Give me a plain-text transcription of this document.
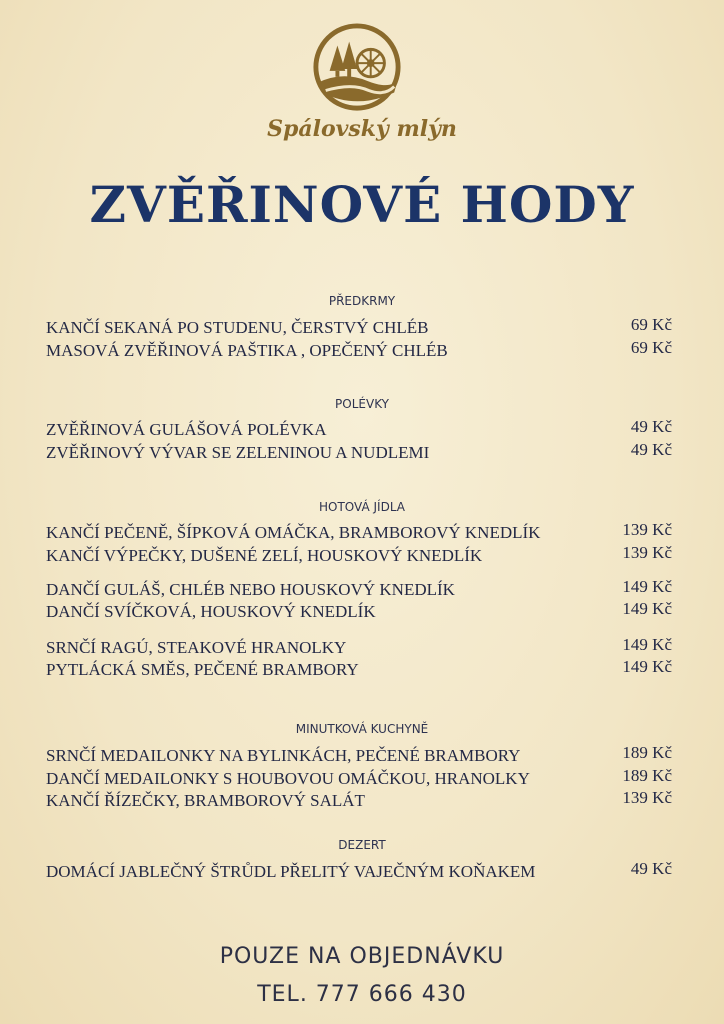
Spálovský mlýn
ZVĚŘINOVÉ HODY
PŘEDKRMY
KANČÍ SEKANÁ PO STUDENU, ČERSTVÝ CHLÉB	69 Kč
MASOVÁ ZVĚŘINOVÁ PAŠTIKA , OPEČENÝ CHLÉB	69 Kč
POLÉVKY
ZVĚŘINOVÁ GULÁŠOVÁ POLÉVKA	49 Kč
ZVĚŘINOVÝ VÝVAR SE ZELENINOU A NUDLEMI	49 Kč
HOTOVÁ JÍDLA
KANČÍ PEČENĚ, ŠÍPKOVÁ OMÁČKA, BRAMBOROVÝ KNEDLÍK	139 Kč
KANČÍ VÝPEČKY, DUŠENÉ ZELÍ, HOUSKOVÝ KNEDLÍK	139 Kč
DANČÍ GULÁŠ, CHLÉB NEBO HOUSKOVÝ KNEDLÍK	149 Kč
DANČÍ SVÍČKOVÁ, HOUSKOVÝ KNEDLÍK	149 Kč
SRNČÍ RAGÚ, STEAKOVÉ HRANOLKY	149 Kč
PYTLÁCKÁ SMĚS, PEČENÉ BRAMBORY	149 Kč
MINUTKOVÁ KUCHYNĚ
SRNČÍ MEDAILONKY NA BYLINKÁCH, PEČENÉ BRAMBORY	189 Kč
DANČÍ MEDAILONKY S HOUBOVOU OMÁČKOU, HRANOLKY	189 Kč
KANČÍ ŘÍZEČKY, BRAMBOROVÝ SALÁT	139 Kč
DEZERT
DOMÁCÍ JABLEČNÝ ŠTRŮDL PŘELITÝ VAJEČNÝM KOŇAKEM	49 Kč
POUZE NA OBJEDNÁVKU
TEL. 777 666 430
